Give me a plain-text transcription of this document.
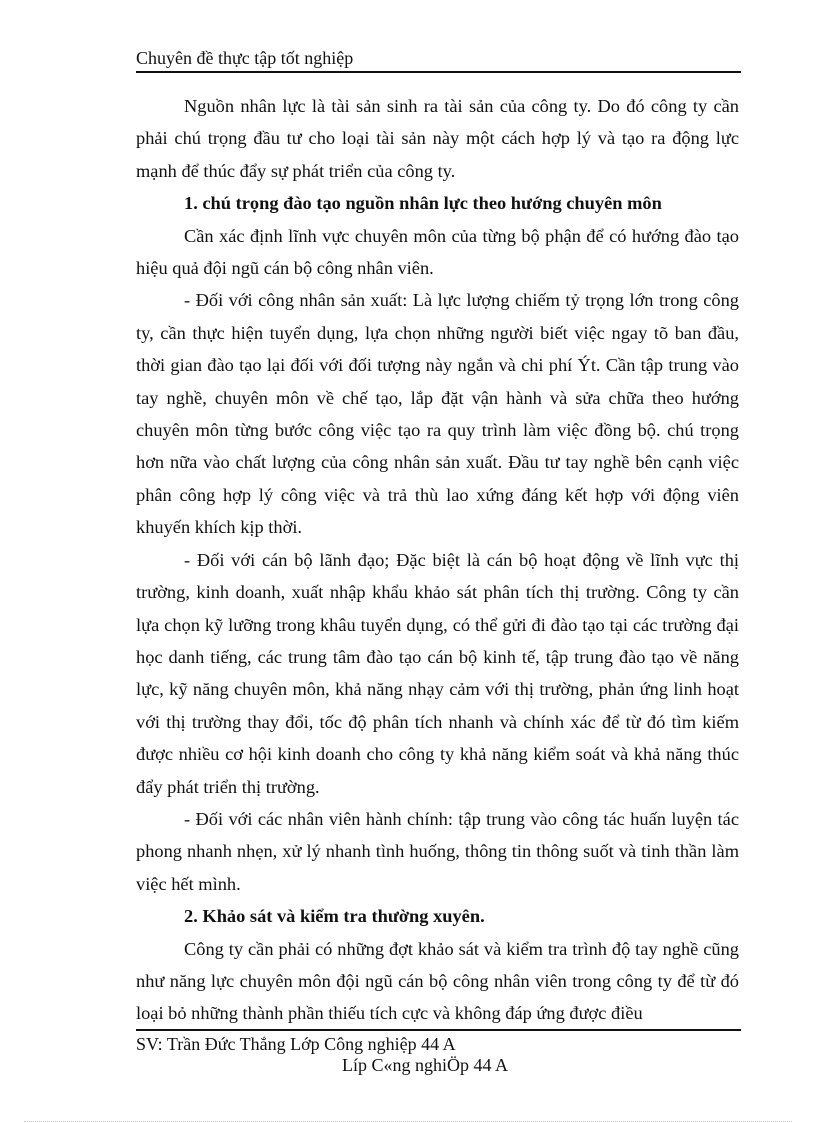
Chuyên đề thực tập tốt nghiệp

Nguồn nhân lực là tài sản sinh ra tài sản của công ty. Do đó công ty cần phải chú trọng đầu tư cho loại tài sản này một cách hợp lý và tạo ra động lực mạnh để thúc đẩy sự phát triển của công ty.

1. chú trọng đào tạo nguồn nhân lực theo hướng chuyên môn

Cần xác định lĩnh vực chuyên môn của từng bộ phận để có hướng đào tạo hiệu quả đội ngũ cán bộ công nhân viên.

- Đối với công nhân sản xuất: Là lực lượng chiếm tỷ trọng lớn trong công ty, cần thực hiện tuyển dụng, lựa chọn những người biết việc ngay tõ ban đầu, thời gian đào tạo lại đối với đối tượng này ngắn và chi phí Ýt. Cần tập trung vào tay nghề, chuyên môn về chế tạo, lắp đặt vận hành và sửa chữa theo hướng chuyên môn từng bước công việc tạo ra quy trình làm việc đồng bộ. chú trọng hơn nữa vào chất lượng của công nhân sản xuất. Đầu tư tay nghề bên cạnh việc phân công hợp lý công việc và trả thù lao xứng đáng kết hợp với động viên khuyến khích kịp thời.

- Đối với cán bộ lãnh đạo; Đặc biệt là cán bộ hoạt động về lĩnh vực thị trường, kinh doanh, xuất nhập khẩu khảo sát phân tích thị trường. Công ty cần lựa chọn kỹ lưỡng trong khâu tuyển dụng, có thể gửi đi đào tạo tại các trường đại học danh tiếng, các trung tâm đào tạo cán bộ kinh tế, tập trung đào tạo về năng lực, kỹ năng chuyên môn, khả năng nhạy cảm với thị trường, phản ứng linh hoạt với thị trường thay đổi, tốc độ phân tích nhanh và chính xác để từ đó tìm kiếm được nhiều cơ hội kinh doanh cho công ty khả năng kiểm soát và khả năng thúc đẩy phát triển thị trường.

- Đối với các nhân viên hành chính: tập trung vào công tác huấn luyện tác phong nhanh nhẹn, xử lý nhanh tình huống, thông tin thông suốt và tinh thần làm việc hết mình.

2. Khảo sát và kiểm tra thường xuyên.

Công ty cần phải có những đợt khảo sát và kiểm tra trình độ tay nghề cũng như năng lực chuyên môn đội ngũ cán bộ công nhân viên trong công ty để từ đó loại bỏ những thành phần thiếu tích cực và không đáp ứng được điều

SV: Trần Đức Thắng Lớp Công nghiệp 44 A
Líp C«ng nghiÖp 44 A
